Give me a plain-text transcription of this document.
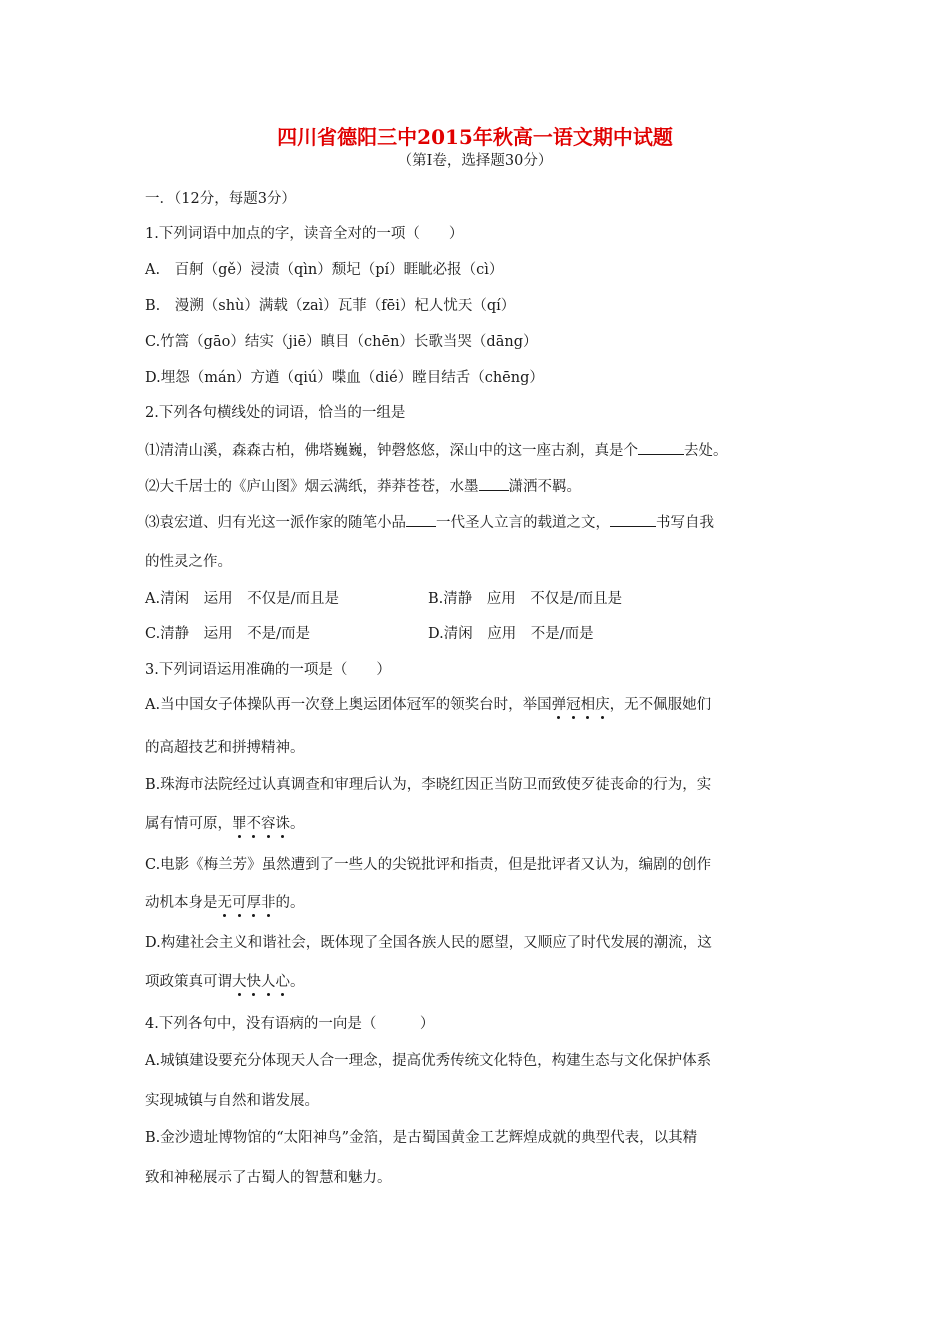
四川省德阳三中2015年秋高一语文期中试题
（第Ⅰ卷，选择题30分）
一．（12分，每题3分）
1.下列词语中加点的字，读音全对的一项（　　）
A.　百舸（gě）浸渍（qìn）颓圮（pí）睚眦必报（cì）
B.　漫溯（shù）满载（zaì）瓦菲（fēi）杞人忧天（qí）
C.竹篙（gāo）结实（jiē）瞋目（chēn）长歌当哭（dāng）
D.埋怨（mán）方遒（qiú）喋血（dié）瞠目结舌（chēng）
2.下列各句横线处的词语，恰当的一组是
⑴清清山溪，森森古柏，佛塔巍巍，钟磬悠悠，深山中的这一座古刹，真是个	去处。
⑵大千居士的《庐山图》烟云满纸，莽莽苍苍，水墨 潇洒不羁。
⑶袁宏道、归有光这一派作家的随笔小品 一代圣人立言的载道之文，	书写自我
的性灵之作。
A.清闲　运用　不仅是/而且是	B.清静　应用　不仅是/而且是
C.清静　运用　不是/而是	D.清闲　应用　不是/而是
3.下列词语运用准确的一项是（　　）
A.当中国女子体操队再一次登上奥运团体冠军的领奖台时，举国弹冠相庆，无不佩服她们
的高超技艺和拼搏精神。
B.珠海市法院经过认真调查和审理后认为，李晓红因正当防卫而致使歹徒丧命的行为，实
属有情可原，罪不容诛。
C.电影《梅兰芳》虽然遭到了一些人的尖锐批评和指责，但是批评者又认为，编剧的创作
动机本身是无可厚非的。
D.构建社会主义和谐社会，既体现了全国各族人民的愿望，又顺应了时代发展的潮流，这
项政策真可谓大快人心。
4.下列各句中，没有语病的一向是（　　　）
A.城镇建设要充分体现天人合一理念，提高优秀传统文化特色，构建生态与文化保护体系
实现城镇与自然和谐发展。
B.金沙遗址博物馆的“太阳神鸟”金箔，是古蜀国黄金工艺辉煌成就的典型代表，以其精
致和神秘展示了古蜀人的智慧和魅力。
